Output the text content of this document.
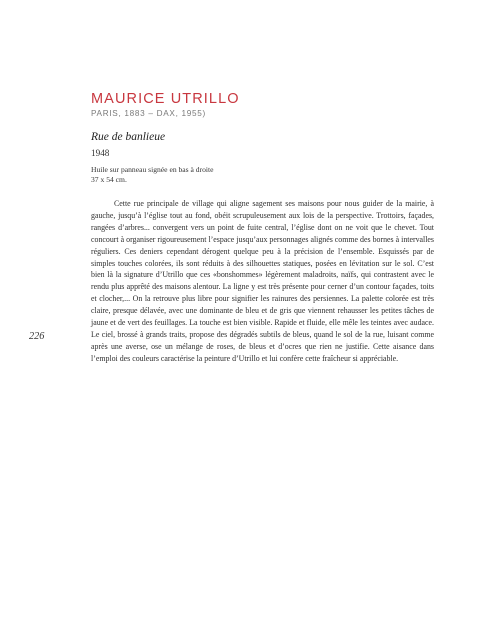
MAURICE UTRILLO
PARIS, 1883 – DAX, 1955)
Rue de banlieue
1948
Huile sur panneau signée en bas à droite
37 x 54 cm.

Cette rue principale de village qui aligne sagement ses maisons pour nous guider de la mairie, à gauche, jusqu’à l’église tout au fond, obéit scrupuleusement aux lois de la perspective. Trottoirs, façades, rangées d’arbres... convergent vers un point de fuite central, l’église dont on ne voit que le chevet. Tout concourt à organiser rigoureusement l’espace jusqu’aux personnages alignés comme des bornes à intervalles réguliers. Ces deniers cependant dérogent quelque peu à la précision de l’ensemble. Esquissés par de simples touches colorées, ils sont réduits à des silhouettes statiques, posées en lévitation sur le sol. C’est bien là la signature d’Utrillo que ces «bonshommes» légèrement maladroits, naïfs, qui contrastent avec le rendu plus apprêté des maisons alentour. La ligne y est très présente pour cerner d’un contour façades, toits et clocher,... On la retrouve plus libre pour signifier les rainures des persiennes. La palette colorée est très claire, presque délavée, avec une dominante de bleu et de gris que viennent rehausser les petites tâches de jaune et de vert des feuillages. La touche est bien visible. Rapide et fluide, elle mêle les teintes avec audace. Le ciel, brossé à grands traits, propose des dégradés subtils de bleus, quand le sol de la rue, luisant comme après une averse, ose un mélange de roses, de bleus et d’ocres que rien ne justifie. Cette aisance dans l’emploi des couleurs caractérise la peinture d’Utrillo et lui confère cette fraîcheur si appréciable.

226
